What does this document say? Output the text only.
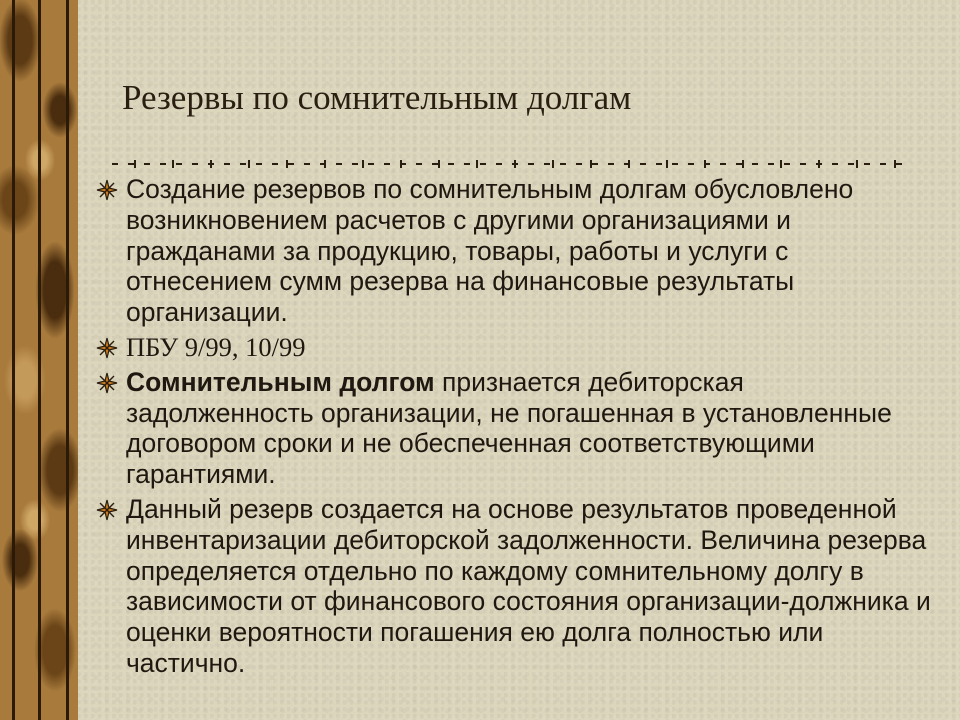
Резервы по сомнительным долгам
Создание резервов по сомнительным долгам обусловлено возникновением расчетов с другими организациями и гражданами за продукцию, товары, работы и услуги с отнесением сумм резерва на финансовые результаты организации.
ПБУ 9/99, 10/99
Сомнительным долгом признается дебиторская задолженность организации, не погашенная в установленные договором сроки и не обеспеченная соответствующими гарантиями.
Данный резерв создается на основе результатов проведенной инвентаризации дебиторской задолженности. Величина резерва определяется отдельно по каждому сомнительному долгу в зависимости от финансового состояния организации-должника и оценки вероятности погашения ею долга полностью или частично.
